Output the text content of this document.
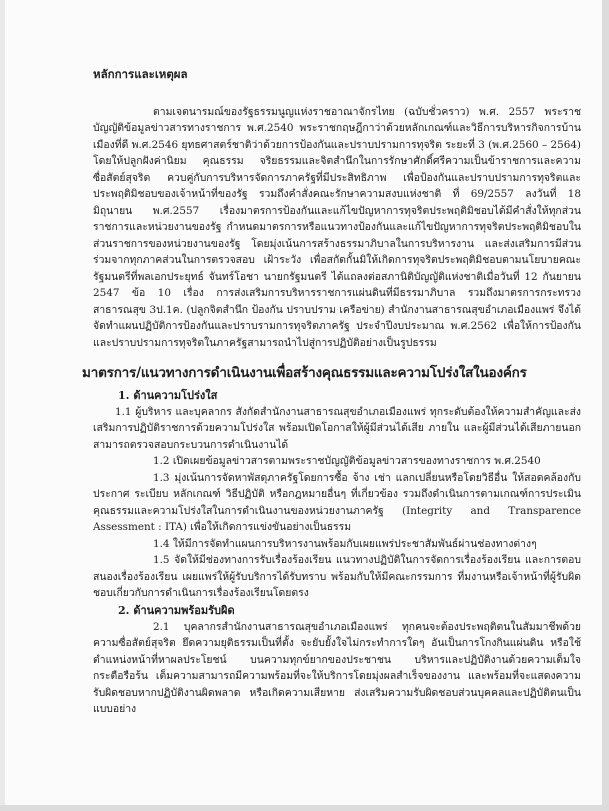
หลักการและเหตุผล

ตามเจตนารมณ์ของรัฐธรรมนูญแห่งราชอาณาจักรไทย (ฉบับชั่วคราว) พ.ศ. 2557 พระราชบัญญัติข้อมูลข่าวสารทางราชการ พ.ศ.2540 พระราชกฤษฎีกาว่าด้วยหลักเกณฑ์และวิธีการบริหารกิจการบ้านเมืองที่ดี พ.ศ.2546 ยุทธศาสตร์ชาติว่าด้วยการป้องกันและปราบปรามการทุจริต ระยะที่ 3 (พ.ศ.2560 – 2564) โดยให้ปลูกฝังค่านิยม คุณธรรม จริยธรรมและจิตสำนึกในการรักษาศักดิ์ศรีความเป็นข้าราชการและความซื่อสัตย์สุจริต ควบคู่กับการบริหารจัดการภาครัฐที่มีประสิทธิภาพ เพื่อป้องกันและปราบปรามการทุจริตและประพฤติมิชอบของเจ้าหน้าที่ของรัฐ รวมถึงคำสั่งคณะรักษาความสงบแห่งชาติ ที่ 69/2557 ลงวันที่ 18 มิถุนายน พ.ศ.2557 เรื่องมาตรการป้องกันและแก้ไขปัญหาการทุจริตประพฤติมิชอบได้มีคำสั่งให้ทุกส่วนราชการและหน่วยงานของรัฐ กำหนดมาตรการหรือแนวทางป้องกันและแก้ไขปัญหาการทุจริตประพฤติมิชอบในส่วนราชการของหน่วยงานของรัฐ โดยมุ่งเน้นการสร้างธรรมาภิบาลในการบริหารงาน และส่งเสริมการมีส่วนร่วมจากทุกภาคส่วนในการตรวจสอบ เฝ้าระวัง เพื่อสกัดกั้นมิให้เกิดการทุจริตประพฤติมิชอบตามนโยบายคณะรัฐมนตรีที่พลเอกประยุทธ์ จันทร์โอชา นายกรัฐมนตรี ได้แถลงต่อสภานิติบัญญัติแห่งชาติเมื่อวันที่ 12 กันยายน 2547 ข้อ 10 เรื่อง การส่งเสริมการบริหารราชการแผ่นดินที่มีธรรมาภิบาล รวมถึงมาตรการกระทรวงสาธารณสุข 3ป.1ค. (ปลูกจิตสำนึก ป้องกัน ปราบปราม เครือข่าย) สำนักงานสาธารณสุขอำเภอเมืองแพร่ จึงได้จัดทำแผนปฏิบัติการป้องกันและปราบรามการทุจริตภาครัฐ ประจำปีงบประมาณ พ.ศ.2562 เพื่อให้การป้องกันและปราบปรามการทุจริตในภาครัฐสามารถนำไปสู่การปฏิบัติอย่างเป็นรูปธรรม

มาตรการ/แนวทางการดำเนินงานเพื่อสร้างคุณธรรมและความโปร่งใสในองค์กร

1. ด้านความโปร่งใส

1.1 ผู้บริหาร และบุคลากร สังกัดสำนักงานสาธารณสุขอำเภอเมืองแพร่ ทุกระดับต้องให้ความสำคัญและส่งเสริมการปฏิบัติราชการด้วยความโปร่งใส พร้อมเปิดโอกาสให้ผู้มีส่วนได้เสีย ภายใน และผู้มีส่วนได้เสียภายนอก สามารถตรวจสอบกระบวนการดำเนินงานได้

1.2 เปิดเผยข้อมูลข่าวสารตามพระราชบัญญัติข้อมูลข่าวสารของทางราชการ พ.ศ.2540

1.3 มุ่งเน้นการจัดหาพัสดุภาครัฐโดยการซื้อ จ้าง เช่า แลกเปลี่ยนหรือโดยวิธีอื่น ให้สอดคล้องกับประกาศ ระเบียบ หลักเกณฑ์ วิธีปฏิบัติ หรือกฎหมายอื่นๆ ที่เกี่ยวข้อง รวมถึงดำเนินการตามเกณฑ์การประเมินคุณธรรมและความโปร่งใสในการดำเนินงานของหน่วยงานภาครัฐ (Integrity and Transparence Assessment : ITA) เพื่อให้เกิดการแข่งขันอย่างเป็นธรรม

1.4 ให้มีการจัดทำแผนการบริหารงานพร้อมกับเผยแพร่ประชาสัมพันธ์ผ่านช่องทางต่างๆ

1.5 จัดให้มีช่องทางการรับเรื่องร้องเรียน แนวทางปฏิบัติในการจัดการเรื่องร้องเรียน และการตอบสนองเรื่องร้องเรียน เผยแพร่ให้ผู้รับบริการได้รับทราบ พร้อมกับให้มีคณะกรรมการ ที่มงานหรือเจ้าหน้าที่ผู้รับผิดชอบเกี่ยวกับการดำเนินการเรื่องร้องเรียนโดยตรง

2. ด้านความพร้อมรับผิด

2.1 บุคลากรสำนักงานสาธารณสุขอำเภอเมืองแพร่ ทุกคนจะต้องประพฤติตนในสัมมาชีพด้วยความซื่อสัตย์สุจริต ยึดความยุติธรรมเป็นที่ตั้ง จะยับยั้งใจไม่กระทำการใดๆ อันเป็นการโกงกินแผ่นดิน หรือใช้ตำแหน่งหน้าที่หาผลประโยชน์ บนความทุกข์ยากของประชาชน บริหารและปฏิบัติงานด้วยความเต็มใจกระตือรือร้น เต็มความสามารถมีความพร้อมที่จะให้บริการโดยมุ่งผลสำเร็จของงาน และพร้อมที่จะแสดงความรับผิดชอบหากปฏิบัติงานผิดพลาด หรือเกิดความเสียหาย ส่งเสริมความรับผิดชอบส่วนบุคคลและปฏิบัติตนเป็นแบบอย่าง
